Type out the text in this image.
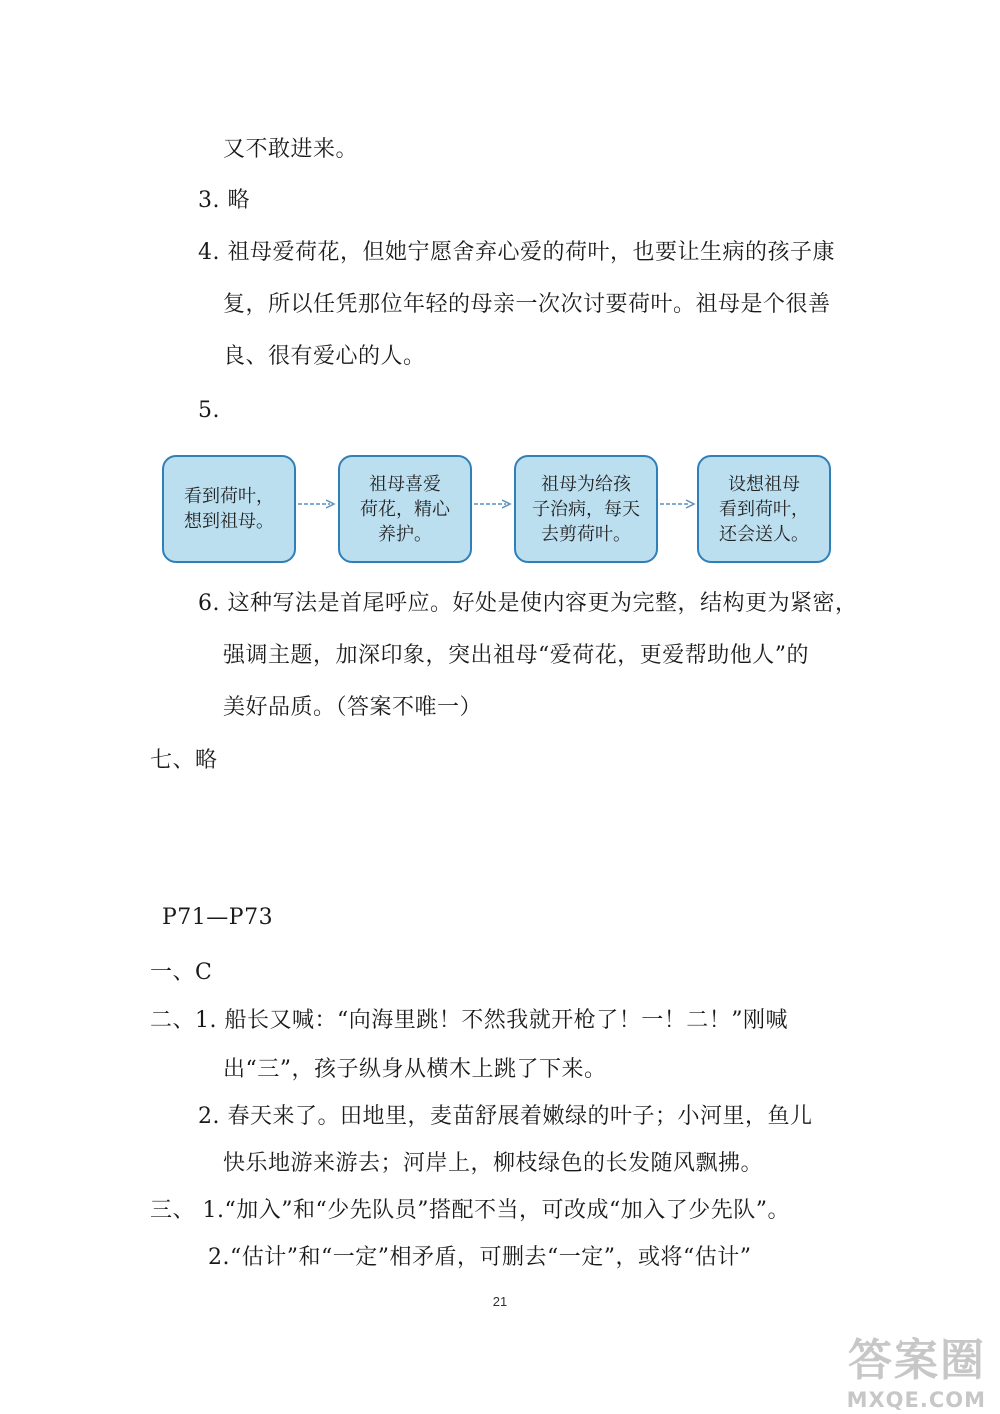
又不敢进来。
3. 略
4. 祖母爱荷花，但她宁愿舍弃心爱的荷叶，也要让生病的孩子康
复，所以任凭那位年轻的母亲一次次讨要荷叶。祖母是个很善
良、很有爱心的人。
5.
看到荷叶，
想到祖母。
祖母喜爱
荷花，精心
养护。
祖母为给孩
子治病，每天
去剪荷叶。
设想祖母
看到荷叶，
还会送人。
6. 这种写法是首尾呼应。好处是使内容更为完整，结构更为紧密，
强调主题，加深印象，突出祖母“爱荷花，更爱帮助他人”的
美好品质。（答案不唯一）
七、略
P71—P73
一、C
二、1. 船长又喊：“向海里跳！不然我就开枪了！一！二！”刚喊
出“三”，孩子纵身从横木上跳了下来。
2. 春天来了。田地里，麦苗舒展着嫩绿的叶子；小河里，鱼儿
快乐地游来游去；河岸上，柳枝绿色的长发随风飘拂。
三、 1.“加入”和“少先队员”搭配不当，可改成“加入了少先队”。
2.“估计”和“一定”相矛盾，可删去“一定”，或将“估计”
21
答案圈
MXQE.COM
